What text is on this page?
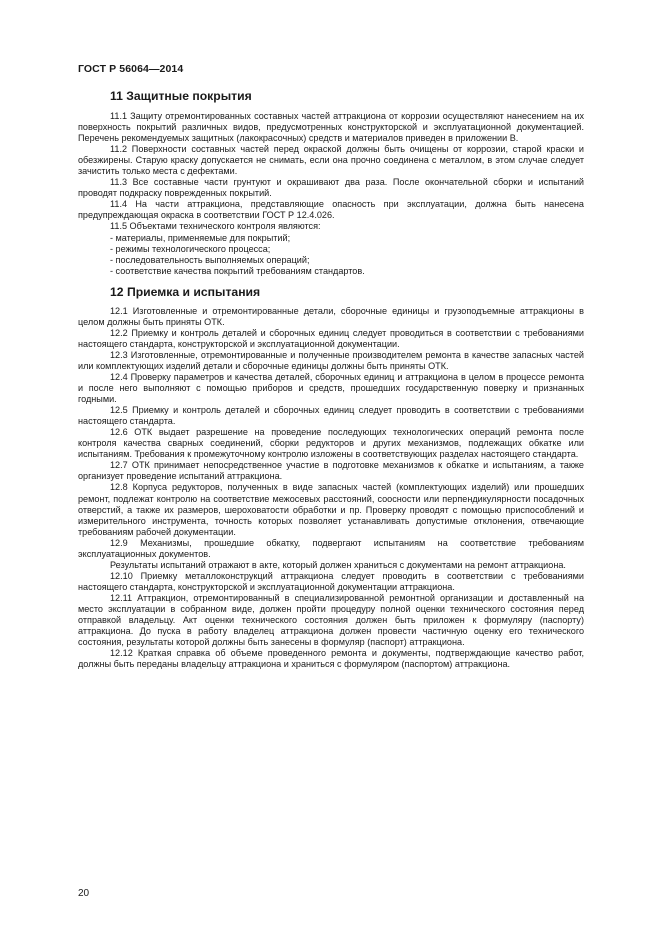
ГОСТ Р 56064—2014
11 Защитные покрытия

11.1 Защиту отремонтированных составных частей аттракциона от коррозии осуществляют нанесением на их поверхность покрытий различных видов, предусмотренных конструкторской и эксплуатационной документацией. Перечень рекомендуемых защитных (лакокрасочных) средств и материалов приведен в приложении В.

11.2 Поверхности составных частей перед окраской должны быть очищены от коррозии, старой краски и обезжирены. Старую краску допускается не снимать, если она прочно соединена с металлом, в этом случае следует зачистить только места с дефектами.

11.3 Все составные части грунтуют и окрашивают два раза. После окончательной сборки и испытаний проводят подкраску поврежденных покрытий.

11.4 На части аттракциона, представляющие опасность при эксплуатации, должна быть нанесена предупреждающая окраска в соответствии ГОСТ Р 12.4.026.

11.5 Объектами технического контроля являются:

- материалы, применяемые для покрытий;
- режимы технологического процесса;
- последовательность выполняемых операций;
- соответствие качества покрытий требованиям стандартов.
12 Приемка и испытания

12.1 Изготовленные и отремонтированные детали, сборочные единицы и грузоподъемные аттракционы в целом должны быть приняты ОТК.

12.2 Приемку и контроль деталей и сборочных единиц следует проводиться в соответствии с требованиями настоящего стандарта, конструкторской и эксплуатационной документации.

12.3 Изготовленные, отремонтированные и полученные производителем ремонта в качестве запасных частей или комплектующих изделий детали и сборочные единицы должны быть приняты ОТК.

12.4 Проверку параметров и качества деталей, сборочных единиц и аттракциона в целом в процессе ремонта и после него выполняют с помощью приборов и средств, прошедших государственную поверку и признанных годными.

12.5 Приемку и контроль деталей и сборочных единиц следует проводить в соответствии с требованиями настоящего стандарта.

12.6 ОТК выдает разрешение на проведение последующих технологических операций ремонта после контроля качества сварных соединений, сборки редукторов и других механизмов, подлежащих обкатке или испытаниям. Требования к промежуточному контролю изложены в соответствующих разделах настоящего стандарта.

12.7 ОТК принимает непосредственное участие в подготовке механизмов к обкатке и испытаниям, а также организует проведение испытаний аттракциона.

12.8 Корпуса редукторов, полученных в виде запасных частей (комплектующих изделий) или прошедших ремонт, подлежат контролю на соответствие межосевых расстояний, соосности или перпендикулярности посадочных отверстий, а также их размеров, шероховатости обработки и пр. Проверку проводят с помощью приспособлений и измерительного инструмента, точность которых позволяет устанавливать допустимые отклонения, отвечающие требованиям рабочей документации.

12.9 Механизмы, прошедшие обкатку, подвергают испытаниям на соответствие требованиям эксплуатационных документов.

Результаты испытаний отражают в акте, который должен храниться с документами на ремонт аттракциона.

12.10 Приемку металлоконструкций аттракциона следует проводить в соответствии с требованиями настоящего стандарта, конструкторской и эксплуатационной документации аттракциона.

12.11 Аттракцион, отремонтированный в специализированной ремонтной организации и доставленный на место эксплуатации в собранном виде, должен пройти процедуру полной оценки технического состояния перед отправкой владельцу. Акт оценки технического состояния должен быть приложен к формуляру (паспорту) аттракциона. До пуска в работу владелец аттракциона должен провести частичную оценку его технического состояния, результаты которой должны быть занесены в формуляр (паспорт) аттракциона.

12.12 Краткая справка об объеме проведенного ремонта и документы, подтверждающие качество работ, должны быть переданы владельцу аттракциона и храниться с формуляром (паспортом) аттракциона.

20
